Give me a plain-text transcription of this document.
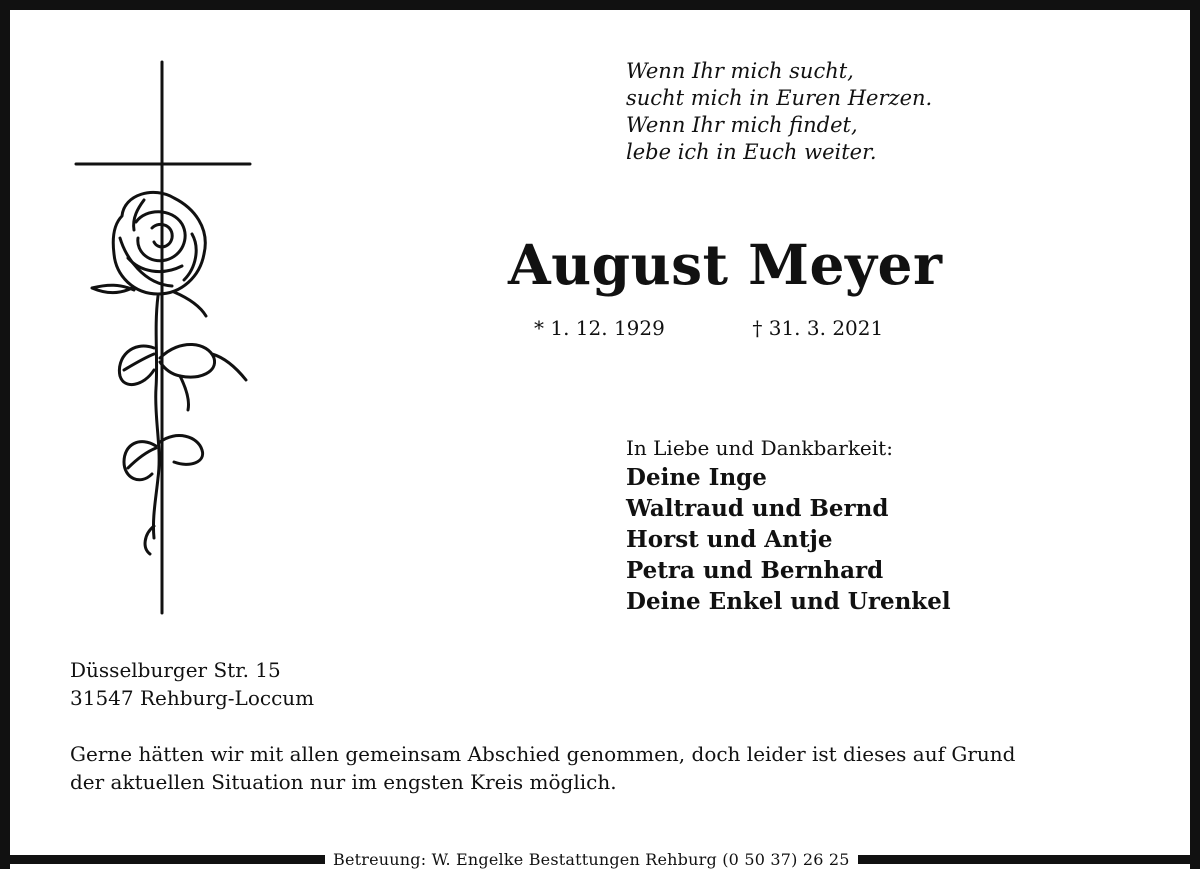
Wenn Ihr mich sucht,
sucht mich in Euren Herzen.
Wenn Ihr mich findet,
lebe ich in Euch weiter.
August Meyer
* 1. 12. 1929	† 31. 3. 2021
In Liebe und Dankbarkeit:
Deine Inge
Waltraud und Bernd
Horst und Antje
Petra und Bernhard
Deine Enkel und Urenkel
Düsselburger Str. 15
31547 Rehburg-Loccum
Gerne hätten wir mit allen gemeinsam Abschied genommen, doch leider ist dieses auf Grund
der aktuellen Situation nur im engsten Kreis möglich.
Betreuung: W. Engelke Bestattungen Rehburg (0 50 37) 26 25
